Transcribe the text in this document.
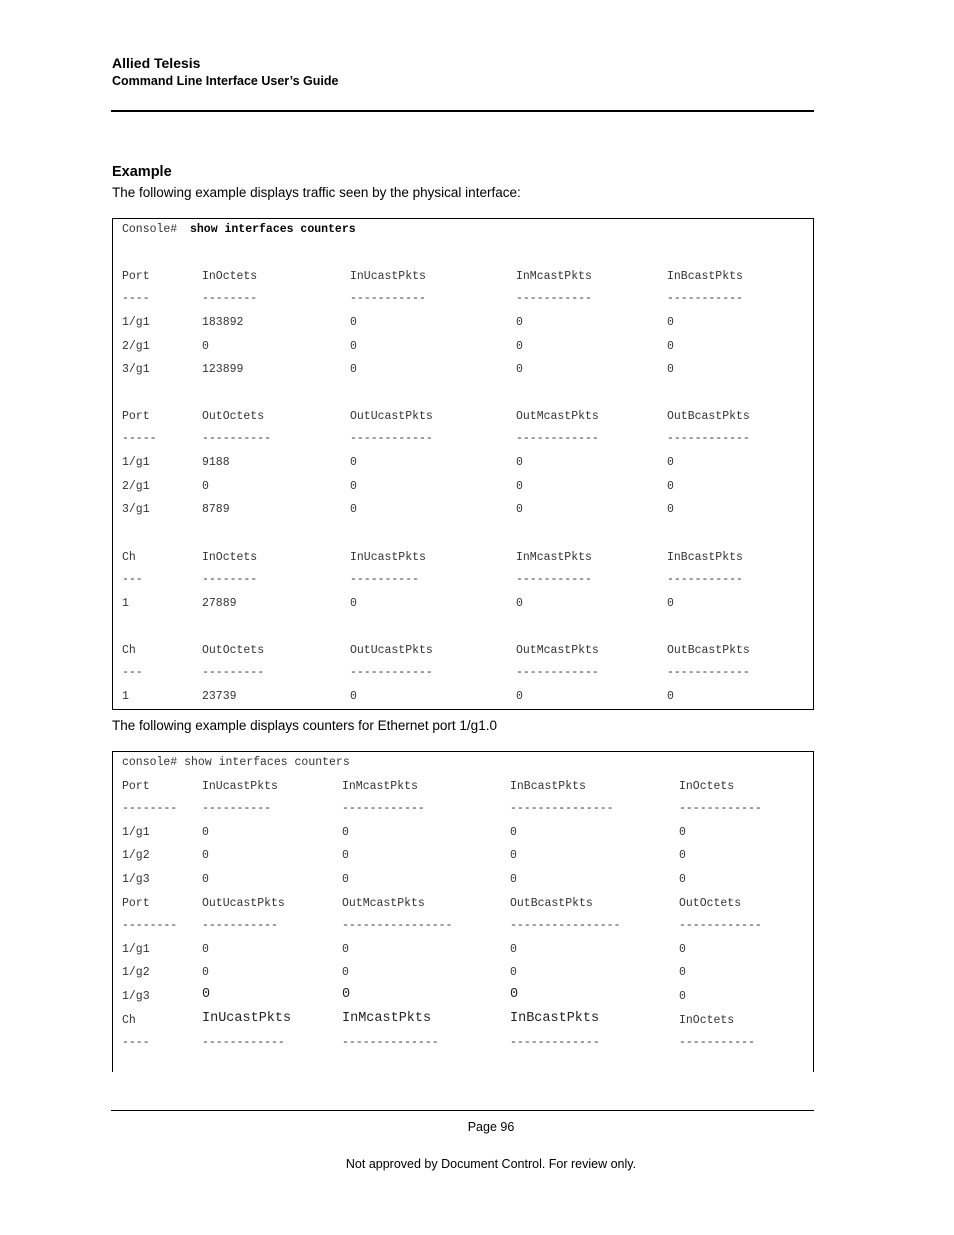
Allied Telesis
Command Line Interface User’s Guide
Example
The following example displays traffic seen by the physical interface:
Console# show interfaces counters
Port	InOctets	InUcastPkts	InMcastPkts	InBcastPkts
----	--------	-----------	-----------	-----------
1/g1	183892	0	0	0
2/g1	0	0	0	0
3/g1	123899	0	0	0
Port	OutOctets	OutUcastPkts	OutMcastPkts	OutBcastPkts
-----	----------	------------	------------	------------
1/g1	9188	0	0	0
2/g1	0	0	0	0
3/g1	8789	0	0	0
Ch	InOctets	InUcastPkts	InMcastPkts	InBcastPkts
---	--------	----------	-----------	-----------
1	27889	0	0	0
Ch	OutOctets	OutUcastPkts	OutMcastPkts	OutBcastPkts
---	---------	------------	------------	------------
1	23739	0	0	0
The following example displays counters for Ethernet port 1/g1.0
console# show interfaces counters
Port	InUcastPkts	InMcastPkts	InBcastPkts	InOctets
-------- ----------	------------	---------------	------------
1/g1	0	0	0	0
1/g2	0	0	0	0
1/g3	0	0	0	0
Port	OutUcastPkts	OutMcastPkts	OutBcastPkts	OutOctets
-------- -----------	----------------	----------------	------------
1/g1	0	0	0	0
1/g2	0	0	0	0
1/g3	0	0	0	0
Ch	InUcastPkts	InMcastPkts	InBcastPkts	InOctets
----	------------	--------------	-------------	-----------
Page 96
Not approved by Document Control. For review only.
